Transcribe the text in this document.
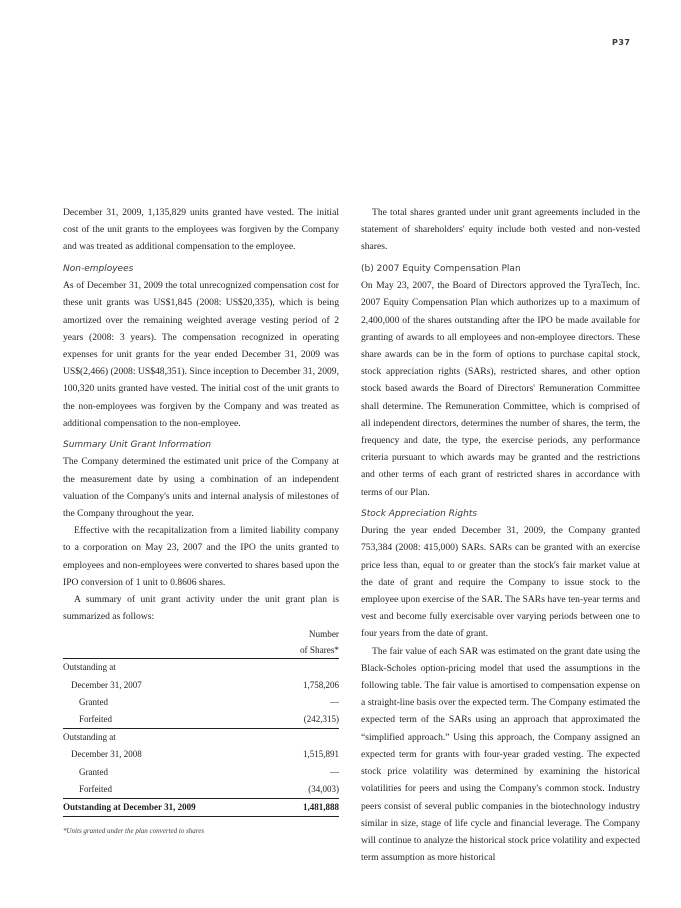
P37

December 31, 2009, 1,135,829 units granted have vested. The initial cost of the unit grants to the employees was forgiven by the Company and was treated as additional compensation to the employee.

Non-employees

As of December 31, 2009 the total unrecognized compensation cost for these unit grants was US$1,845 (2008: US$20,335), which is being amortized over the remaining weighted average vesting period of 2 years (2008: 3 years). The compensation recognized in operating expenses for unit grants for the year ended December 31, 2009 was US$(2,466) (2008: US$48,351). Since inception to December 31, 2009, 100,320 units granted have vested. The initial cost of the unit grants to the non-employees was forgiven by the Company and was treated as additional compensation to the non-employee.

Summary Unit Grant Information

The Company determined the estimated unit price of the Company at the measurement date by using a combination of an independent valuation of the Company's units and internal analysis of milestones of the Company throughout the year.

Effective with the recapitalization from a limited liability company to a corporation on May 23, 2007 and the IPO the units granted to employees and non-employees were converted to shares based upon the IPO conversion of 1 unit to 0.8606 shares.

A summary of unit grant activity under the unit grant plan is summarized as follows:

	Number
of Shares*

Outstanding at	
December 31, 2007	1,758,206
Granted	—
Forfeited	(242,315)
Outstanding at	
December 31, 2008	1,515,891
Granted	—
Forfeited	(34,003)
Outstanding at December 31, 2009	1,481,888
*Units granted under the plan converted to shares

The total shares granted under unit grant agreements included in the statement of shareholders' equity include both vested and non-vested shares.

(b) 2007 Equity Compensation Plan

On May 23, 2007, the Board of Directors approved the TyraTech, Inc. 2007 Equity Compensation Plan which authorizes up to a maximum of 2,400,000 of the shares outstanding after the IPO be made available for granting of awards to all employees and non-employee directors. These share awards can be in the form of options to purchase capital stock, stock appreciation rights (SARs), restricted shares, and other option stock based awards the Board of Directors' Remuneration Committee shall determine. The Remuneration Committee, which is comprised of all independent directors, determines the number of shares, the term, the frequency and date, the type, the exercise periods, any performance criteria pursuant to which awards may be granted and the restrictions and other terms of each grant of restricted shares in accordance with terms of our Plan.

Stock Appreciation Rights

During the year ended December 31, 2009, the Company granted 753,384 (2008: 415,000) SARs. SARs can be granted with an exercise price less than, equal to or greater than the stock's fair market value at the date of grant and require the Company to issue stock to the employee upon exercise of the SAR. The SARs have ten-year terms and vest and become fully exercisable over varying periods between one to four years from the date of grant.

The fair value of each SAR was estimated on the grant date using the Black-Scholes option-pricing model that used the assumptions in the following table. The fair value is amortised to compensation expense on a straight-line basis over the expected term. The Company estimated the expected term of the SARs using an approach that approximated the “simplified approach.” Using this approach, the Company assigned an expected term for grants with four-year graded vesting. The expected stock price volatility was determined by examining the historical volatilities for peers and using the Company's common stock. Industry peers consist of several public companies in the biotechnology industry similar in size, stage of life cycle and financial leverage. The Company will continue to analyze the historical stock price volatility and expected term assumption as more historical
